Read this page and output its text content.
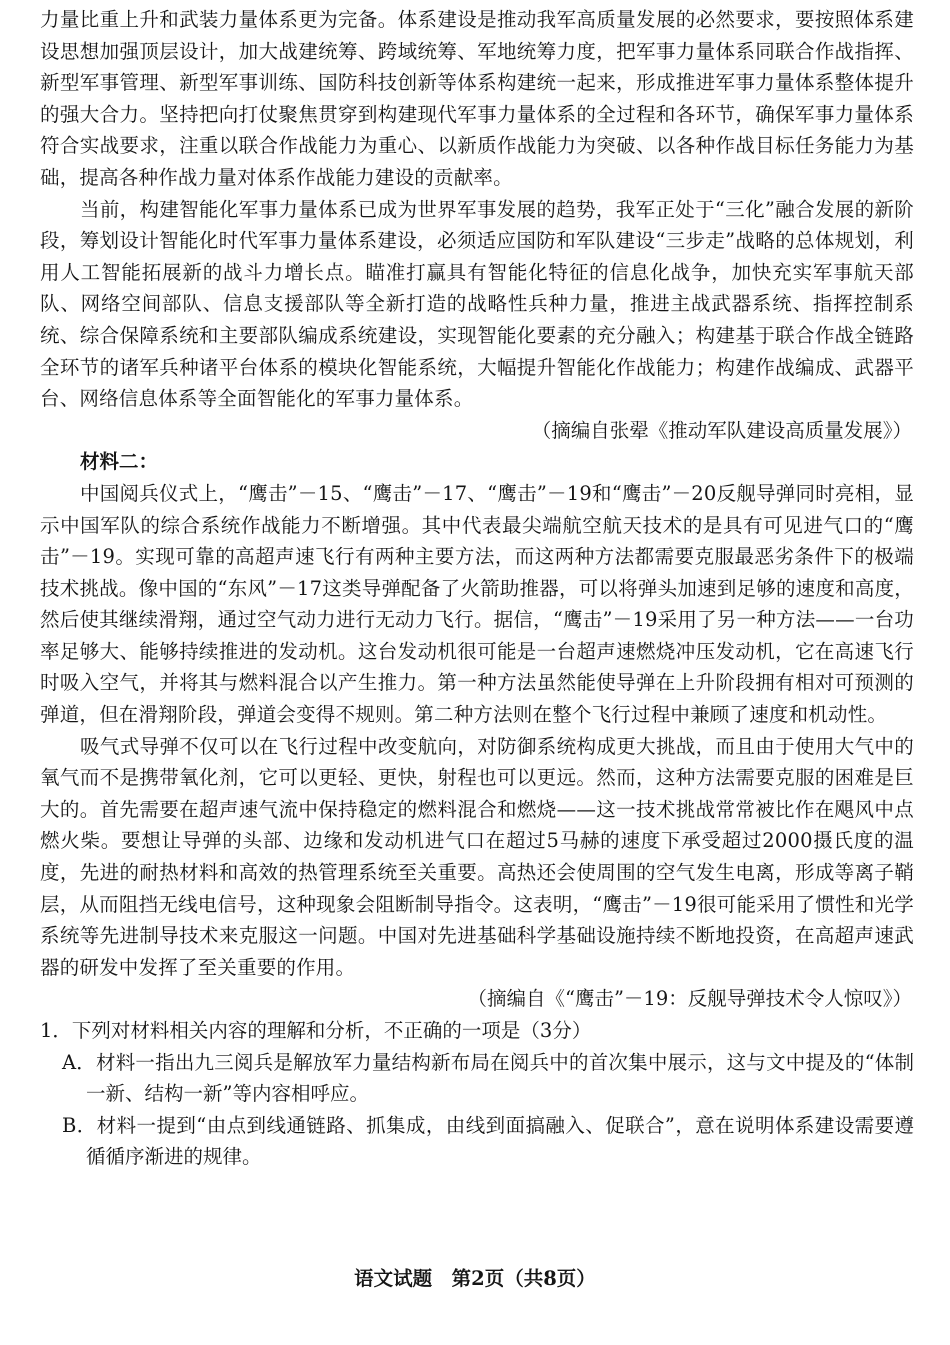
力量比重上升和武装力量体系更为完备。体系建设是推动我军高质量发展的必然要求，要按照体系建设思想加强顶层设计，加大战建统筹、跨域统筹、军地统筹力度，把军事力量体系同联合作战指挥、新型军事管理、新型军事训练、国防科技创新等体系构建统一起来，形成推进军事力量体系整体提升的强大合力。坚持把向打仗聚焦贯穿到构建现代军事力量体系的全过程和各环节，确保军事力量体系符合实战要求，注重以联合作战能力为重心、以新质作战能力为突破、以各种作战目标任务能力为基础，提高各种作战力量对体系作战能力建设的贡献率。

当前，构建智能化军事力量体系已成为世界军事发展的趋势，我军正处于“三化”融合发展的新阶段，筹划设计智能化时代军事力量体系建设，必须适应国防和军队建设“三步走”战略的总体规划，利用人工智能拓展新的战斗力增长点。瞄准打赢具有智能化特征的信息化战争，加快充实军事航天部队、网络空间部队、信息支援部队等全新打造的战略性兵种力量，推进主战武器系统、指挥控制系统、综合保障系统和主要部队编成系统建设，实现智能化要素的充分融入；构建基于联合作战全链路全环节的诸军兵种诸平台体系的模块化智能系统，大幅提升智能化作战能力；构建作战编成、武器平台、网络信息体系等全面智能化的军事力量体系。

（摘编自张翚《推动军队建设高质量发展》）

材料二：

中国阅兵仪式上，“鹰击”－15、“鹰击”－17、“鹰击”－19和“鹰击”－20反舰导弹同时亮相，显示中国军队的综合系统作战能力不断增强。其中代表最尖端航空航天技术的是具有可见进气口的“鹰击”－19。实现可靠的高超声速飞行有两种主要方法，而这两种方法都需要克服最恶劣条件下的极端技术挑战。像中国的“东风”－17这类导弹配备了火箭助推器，可以将弹头加速到足够的速度和高度，然后使其继续滑翔，通过空气动力进行无动力飞行。据信，“鹰击”－19采用了另一种方法——一台功率足够大、能够持续推进的发动机。这台发动机很可能是一台超声速燃烧冲压发动机，它在高速飞行时吸入空气，并将其与燃料混合以产生推力。第一种方法虽然能使导弹在上升阶段拥有相对可预测的弹道，但在滑翔阶段，弹道会变得不规则。第二种方法则在整个飞行过程中兼顾了速度和机动性。

吸气式导弹不仅可以在飞行过程中改变航向，对防御系统构成更大挑战，而且由于使用大气中的氧气而不是携带氧化剂，它可以更轻、更快，射程也可以更远。然而，这种方法需要克服的困难是巨大的。首先需要在超声速气流中保持稳定的燃料混合和燃烧——这一技术挑战常常被比作在飓风中点燃火柴。要想让导弹的头部、边缘和发动机进气口在超过5马赫的速度下承受超过2000摄氏度的温度，先进的耐热材料和高效的热管理系统至关重要。高热还会使周围的空气发生电离，形成等离子鞘层，从而阻挡无线电信号，这种现象会阻断制导指令。这表明，“鹰击”－19很可能采用了惯性和光学系统等先进制导技术来克服这一问题。中国对先进基础科学基础设施持续不断地投资，在高超声速武器的研发中发挥了至关重要的作用。

（摘编自《“鹰击”－19：反舰导弹技术令人惊叹》）

1．下列对材料相关内容的理解和分析，不正确的一项是（3分）

A．材料一指出九三阅兵是解放军力量结构新布局在阅兵中的首次集中展示，这与文中提及的“体制一新、结构一新”等内容相呼应。

B．材料一提到“由点到线通链路、抓集成，由线到面搞融入、促联合”，意在说明体系建设需要遵循循序渐进的规律。

语文试题　第2页（共8页）
